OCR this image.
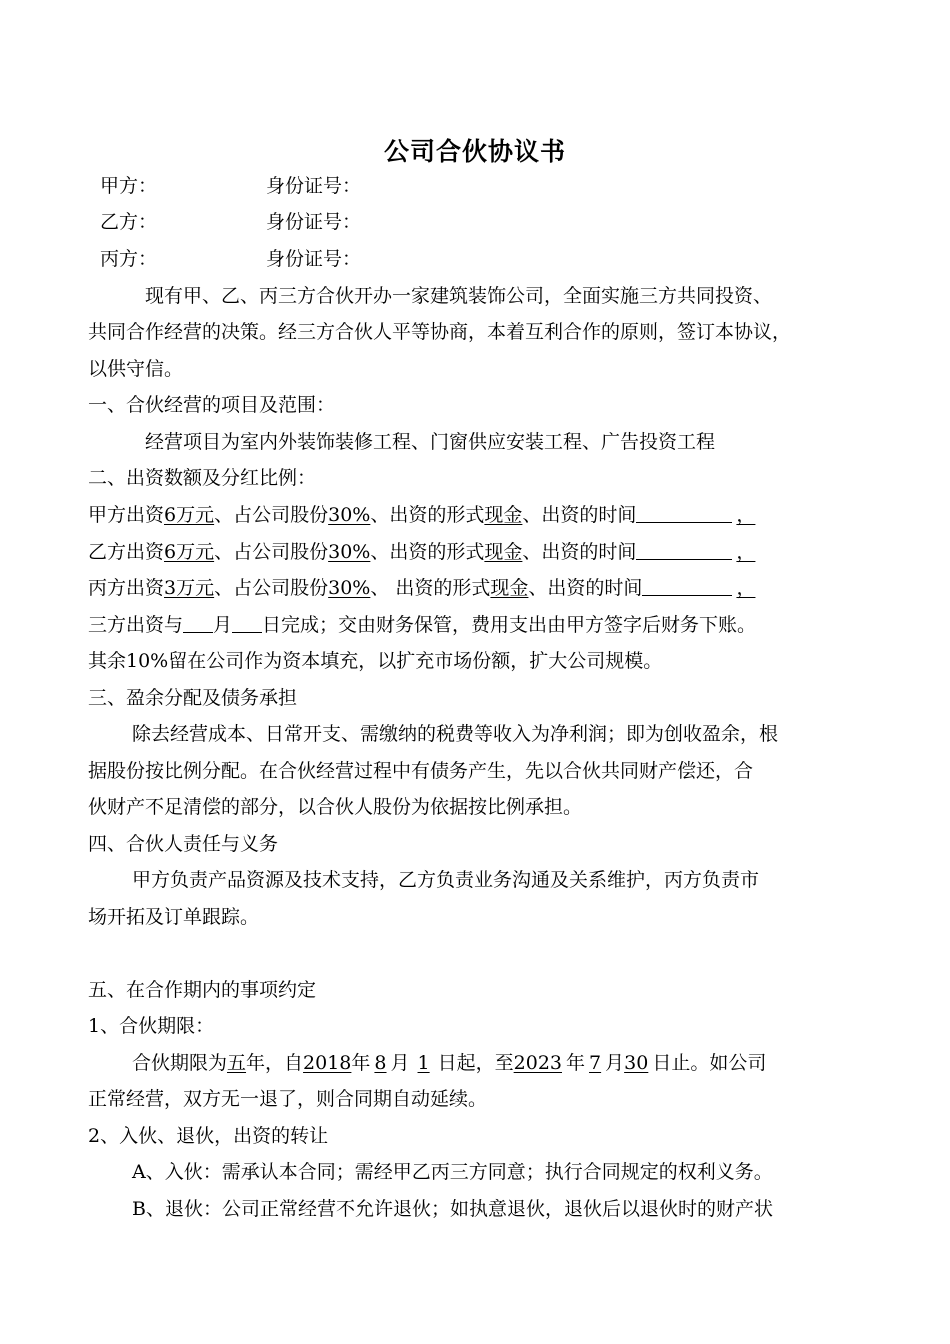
公司合伙协议书
甲方：	身份证号：
乙方：	身份证号：
丙方：	身份证号：
现有甲、乙、丙三方合伙开办一家建筑装饰公司，全面实施三方共同投资、
共同合作经营的决策。经三方合伙人平等协商，本着互利合作的原则，签订本协议，
以供守信。
一、合伙经营的项目及范围：
经营项目为室内外装饰装修工程、门窗供应安装工程、广告投资工程
二、出资数额及分红比例：
甲方出资6万元、占公司股份30%、出资的形式现金、出资的时间	，
乙方出资6万元、占公司股份30%、出资的形式现金、出资的时间	，
丙方出资3万元、占公司股份30%、 出资的形式现金、出资的时间	，
三方出资与 月 日完成；交由财务保管，费用支出由甲方签字后财务下账。
其余10%留在公司作为资本填充，以扩充市场份额，扩大公司规模。
三、盈余分配及债务承担
除去经营成本、日常开支、需缴纳的税费等收入为净利润；即为创收盈余，根
据股份按比例分配。在合伙经营过程中有债务产生，先以合伙共同财产偿还，合
伙财产不足清偿的部分，以合伙人股份为依据按比例承担。
四、合伙人责任与义务
甲方负责产品资源及技术支持，乙方负责业务沟通及关系维护，丙方负责市
场开拓及订单跟踪。
五、在合作期内的事项约定
1、合伙期限：
合伙期限为五年，自2018年 8 月 1 日起，至2023 年 7 月30 日止。如公司
正常经营，双方无一退了，则合同期自动延续。
2、入伙、退伙，出资的转让
A、入伙：需承认本合同；需经甲乙丙三方同意；执行合同规定的权利义务。
B、退伙：公司正常经营不允许退伙；如执意退伙，退伙后以退伙时的财产状
